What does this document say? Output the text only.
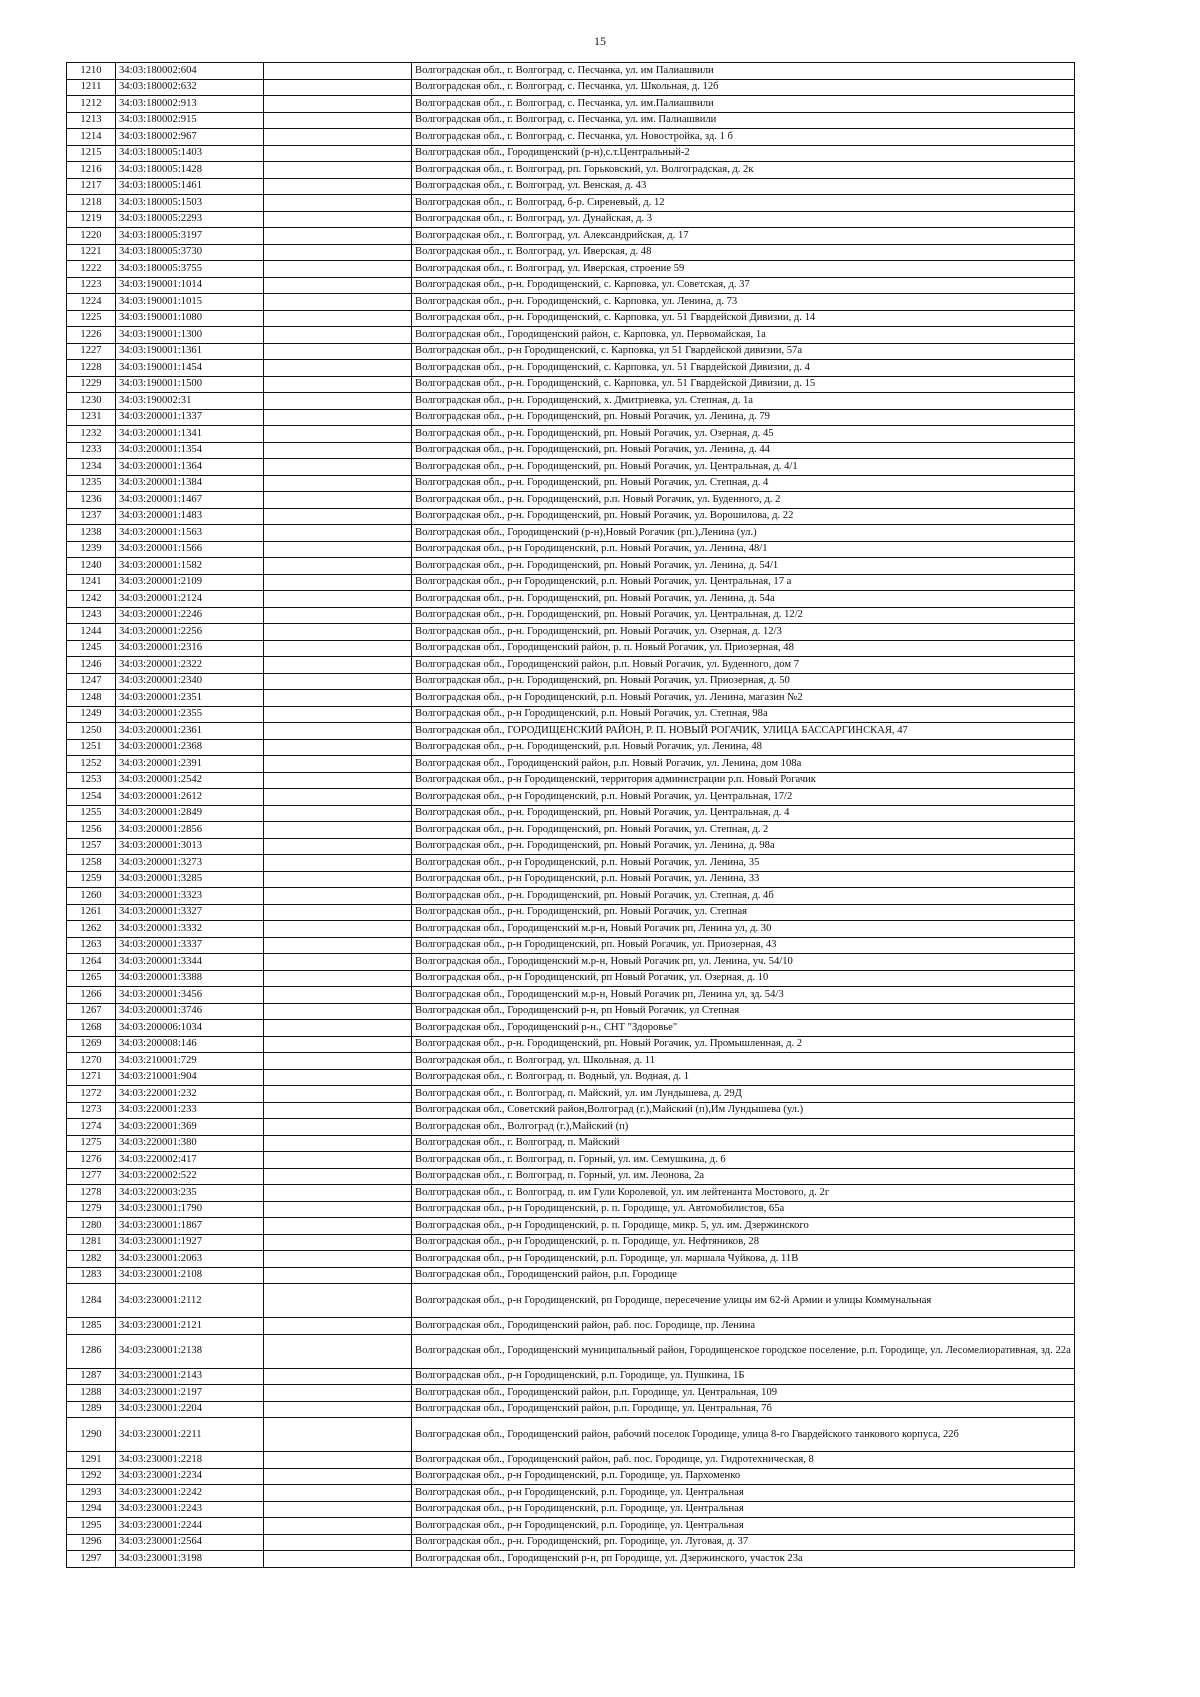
15
1210	34:03:180002:604		Волгоградская обл., г. Волгоград, с. Песчанка, ул. им Палиашвили
1211	34:03:180002:632		Волгоградская обл., г. Волгоград, с. Песчанка, ул. Школьная, д. 12б
1212	34:03:180002:913		Волгоградская обл., г. Волгоград, с. Песчанка, ул. им.Палиашвили
1213	34:03:180002:915		Волгоградская обл., г. Волгоград, с. Песчанка, ул. им. Палиашвили
1214	34:03:180002:967		Волгоградская обл., г. Волгоград, с. Песчанка, ул. Новостройка, зд. 1 б
1215	34:03:180005:1403		Волгоградская обл., Городищенский (р-н),с.т.Центральный-2
1216	34:03:180005:1428		Волгоградская обл., г. Волгоград, рп. Горьковский, ул. Волгоградская, д. 2к
1217	34:03:180005:1461		Волгоградская обл., г. Волгоград, ул. Венская, д. 43
1218	34:03:180005:1503		Волгоградская обл., г. Волгоград, б-р. Сиреневый, д. 12
1219	34:03:180005:2293		Волгоградская обл., г. Волгоград, ул. Дунайская, д. 3
1220	34:03:180005:3197		Волгоградская обл., г. Волгоград, ул. Александрийская, д. 17
1221	34:03:180005:3730		Волгоградская обл., г. Волгоград, ул. Иверская, д. 48
1222	34:03:180005:3755		Волгоградская обл., г. Волгоград, ул. Иверская, строение 59
1223	34:03:190001:1014		Волгоградская обл., р-н. Городищенский, с. Карповка, ул. Советская, д. 37
1224	34:03:190001:1015		Волгоградская обл., р-н. Городищенский, с. Карповка, ул. Ленина, д. 73
1225	34:03:190001:1080		Волгоградская обл., р-н. Городищенский, с. Карповка, ул. 51 Гвардейской Дивизии, д. 14
1226	34:03:190001:1300		Волгоградская обл., Городищенский район, с. Карповка, ул. Первомайская, 1а
1227	34:03:190001:1361		Волгоградская обл., р-н Городищенский, с. Карповка, ул 51 Гвардейской дивизии, 57а
1228	34:03:190001:1454		Волгоградская обл., р-н. Городищенский, с. Карповка, ул. 51 Гвардейской Дивизии, д. 4
1229	34:03:190001:1500		Волгоградская обл., р-н. Городищенский, с. Карповка, ул. 51 Гвардейской Дивизии, д. 15
1230	34:03:190002:31		Волгоградская обл., р-н. Городищенский, х. Дмитриевка, ул. Степная, д. 1а
1231	34:03:200001:1337		Волгоградская обл., р-н. Городищенский, рп. Новый Рогачик, ул. Ленина, д. 79
1232	34:03:200001:1341		Волгоградская обл., р-н. Городищенский, рп. Новый Рогачик, ул. Озерная, д. 45
1233	34:03:200001:1354		Волгоградская обл., р-н. Городищенский, рп. Новый Рогачик, ул. Ленина, д. 44
1234	34:03:200001:1364		Волгоградская обл., р-н. Городищенский, рп. Новый Рогачик, ул. Центральная, д. 4/1
1235	34:03:200001:1384		Волгоградская обл., р-н. Городищенский, рп. Новый Рогачик, ул. Степная, д. 4
1236	34:03:200001:1467		Волгоградская обл., р-н. Городищенский, р.п. Новый Рогачик, ул. Буденного, д. 2
1237	34:03:200001:1483		Волгоградская обл., р-н. Городищенский, рп. Новый Рогачик, ул. Ворошилова, д. 22
1238	34:03:200001:1563		Волгоградская обл., Городищенский (р-н),Новый Рогачик (рп.),Ленина (ул.)
1239	34:03:200001:1566		Волгоградская обл., р-н Городищенский, р.п. Новый Рогачик, ул. Ленина, 48/1
1240	34:03:200001:1582		Волгоградская обл., р-н. Городищенский, рп. Новый Рогачик, ул. Ленина, д. 54/1
1241	34:03:200001:2109		Волгоградская обл., р-н Городищенский, р.п. Новый Рогачик, ул. Центральная, 17 а
1242	34:03:200001:2124		Волгоградская обл., р-н. Городищенский, рп. Новый Рогачик, ул. Ленина, д. 54а
1243	34:03:200001:2246		Волгоградская обл., р-н. Городищенский, рп. Новый Рогачик, ул. Центральная, д. 12/2
1244	34:03:200001:2256		Волгоградская обл., р-н. Городищенский, рп. Новый Рогачик, ул. Озерная, д. 12/3
1245	34:03:200001:2316		Волгоградская обл., Городищенский район, р. п. Новый Рогачик, ул. Приозерная, 48
1246	34:03:200001:2322		Волгоградская обл., Городищенский район, р.п. Новый Рогачик, ул. Буденного, дом 7
1247	34:03:200001:2340		Волгоградская обл., р-н. Городищенский, рп. Новый Рогачик, ул. Приозерная, д. 50
1248	34:03:200001:2351		Волгоградская обл., р-н Городищенский, р.п. Новый Рогачик, ул. Ленина, магазин №2
1249	34:03:200001:2355		Волгоградская обл., р-н Городищенский, р.п. Новый Рогачик, ул. Степная, 98а
1250	34:03:200001:2361		Волгоградская обл., ГОРОДИЩЕНСКИЙ РАЙОН, Р. П. НОВЫЙ РОГАЧИК, УЛИЦА БАССАРГИНСКАЯ, 47
1251	34:03:200001:2368		Волгоградская обл., р-н. Городищенский, р.п. Новый Рогачик, ул. Ленина, 48
1252	34:03:200001:2391		Волгоградская обл., Городищенский район, р.п. Новый Рогачик, ул. Ленина, дом 108а
1253	34:03:200001:2542		Волгоградская обл., р-н Городищенский, территория администрации р.п. Новый Рогачик
1254	34:03:200001:2612		Волгоградская обл., р-н Городищенский, р.п. Новый Рогачик, ул. Центральная, 17/2
1255	34:03:200001:2849		Волгоградская обл., р-н. Городищенский, рп. Новый Рогачик, ул. Центральная, д. 4
1256	34:03:200001:2856		Волгоградская обл., р-н. Городищенский, рп. Новый Рогачик, ул. Степная, д. 2
1257	34:03:200001:3013		Волгоградская обл., р-н. Городищенский, рп. Новый Рогачик, ул. Ленина, д. 98а
1258	34:03:200001:3273		Волгоградская обл., р-н Городищенский, р.п. Новый Рогачик, ул. Ленина, 35
1259	34:03:200001:3285		Волгоградская обл., р-н Городищенский, р.п. Новый Рогачик, ул. Ленина, 33
1260	34:03:200001:3323		Волгоградская обл., р-н. Городищенский, рп. Новый Рогачик, ул. Степная, д. 4б
1261	34:03:200001:3327		Волгоградская обл., р-н. Городищенский, рп. Новый Рогачик, ул. Степная
1262	34:03:200001:3332		Волгоградская обл., Городищенский м.р-н, Новый Рогачик рп, Ленина ул, д. 30
1263	34:03:200001:3337		Волгоградская обл., р-н Городищенский, рп. Новый Рогачик, ул. Приозерная, 43
1264	34:03:200001:3344		Волгоградская обл., Городищенский м.р-н, Новый Рогачик рп, ул. Ленина, уч. 54/10
1265	34:03:200001:3388		Волгоградская обл., р-н Городищенский, рп Новый Рогачик, ул. Озерная, д. 10
1266	34:03:200001:3456		Волгоградская обл., Городищенский м.р-н, Новый Рогачик рп, Ленина ул, зд. 54/3
1267	34:03:200001:3746		Волгоградская обл., Городищенский р-н, рп Новый Рогачик, ул Степная
1268	34:03:200006:1034		Волгоградская обл., Городищенский р-н., СНТ "Здоровье"
1269	34:03:200008:146		Волгоградская обл., р-н. Городищенский, рп. Новый Рогачик, ул. Промышленная, д. 2
1270	34:03:210001:729		Волгоградская обл., г. Волгоград, ул. Школьная, д. 11
1271	34:03:210001:904		Волгоградская обл., г. Волгоград, п. Водный, ул. Водная, д. 1
1272	34:03:220001:232		Волгоградская обл., г. Волгоград, п. Майский, ул. им Лундышева, д. 29Д
1273	34:03:220001:233		Волгоградская обл., Советский район,Волгоград (г.),Майский (п),Им Лундышева (ул.)
1274	34:03:220001:369		Волгоградская обл., Волгоград (г.),Майский (п)
1275	34:03:220001:380		Волгоградская обл., г. Волгоград, п. Майский
1276	34:03:220002:417		Волгоградская обл., г. Волгоград, п. Горный, ул. им. Семушкина, д. 6
1277	34:03:220002:522		Волгоградская обл., г. Волгоград, п. Горный, ул. им. Леонова, 2а
1278	34:03:220003:235		Волгоградская обл., г. Волгоград, п. им Гули Королевой, ул. им лейтенанта Мостового, д. 2г
1279	34:03:230001:1790		Волгоградская обл., р-н Городищенский, р. п. Городище, ул. Автомобилистов, 65а
1280	34:03:230001:1867		Волгоградская обл., р-н Городищенский, р. п. Городище, микр. 5, ул. им. Дзержинского
1281	34:03:230001:1927		Волгоградская обл., р-н Городищенский, р. п. Городище, ул. Нефтяников, 28
1282	34:03:230001:2063		Волгоградская обл., р-н Городищенский, р.п. Городище, ул. маршала Чуйкова, д. 11В
1283	34:03:230001:2108		Волгоградская обл., Городищенский район, р.п. Городище
1284	34:03:230001:2112		Волгоградская обл., р-н Городищенский, рп Городище, пересечение улицы им 62-й Армии и улицы Коммунальная
1285	34:03:230001:2121		Волгоградская обл., Городищенский район, раб. пос. Городище, пр. Ленина
1286	34:03:230001:2138		Волгоградская обл., Городищенский муниципальный район, Городищенское городское поселение, р.п. Городище, ул. Лесомелиоративная, зд. 22а
1287	34:03:230001:2143		Волгоградская обл., р-н Городищенский, р.п. Городище, ул. Пушкина, 1Б
1288	34:03:230001:2197		Волгоградская обл., Городищенский район, р.п. Городище, ул. Центральная, 109
1289	34:03:230001:2204		Волгоградская обл., Городищенский район, р.п. Городище, ул. Центральная, 7б
1290	34:03:230001:2211		Волгоградская обл., Городищенский район, рабочий поселок Городище, улица 8-го Гвардейского танкового корпуса, 22б
1291	34:03:230001:2218		Волгоградская обл., Городищенский район, раб. пос. Городище, ул. Гидротехническая, 8
1292	34:03:230001:2234		Волгоградская обл., р-н Городищенский, р.п. Городище, ул. Пархоменко
1293	34:03:230001:2242		Волгоградская обл., р-н Городищенский, р.п. Городище, ул. Центральная
1294	34:03:230001:2243		Волгоградская обл., р-н Городищенский, р.п. Городище, ул. Центральная
1295	34:03:230001:2244		Волгоградская обл., р-н Городищенский, р.п. Городище, ул. Центральная
1296	34:03:230001:2564		Волгоградская обл., р-н. Городищенский, рп. Городище, ул. Луговая, д. 37
1297	34:03:230001:3198		Волгоградская обл., Городищенский р-н, рп Городище, ул. Дзержинского, участок 23а
